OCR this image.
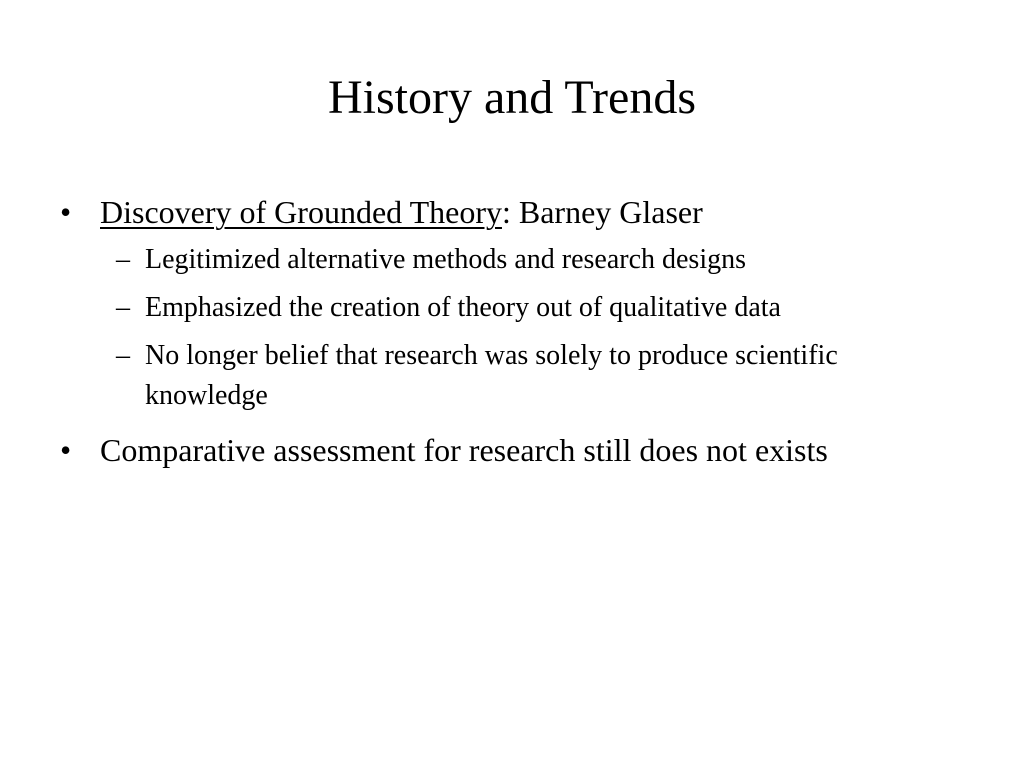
History and Trends
• Discovery of Grounded Theory: Barney Glaser
– Legitimized alternative methods and research designs
– Emphasized the creation of theory out of qualitative data
– No longer belief that research was solely to produce scientific knowledge
• Comparative assessment for research still does not exists
